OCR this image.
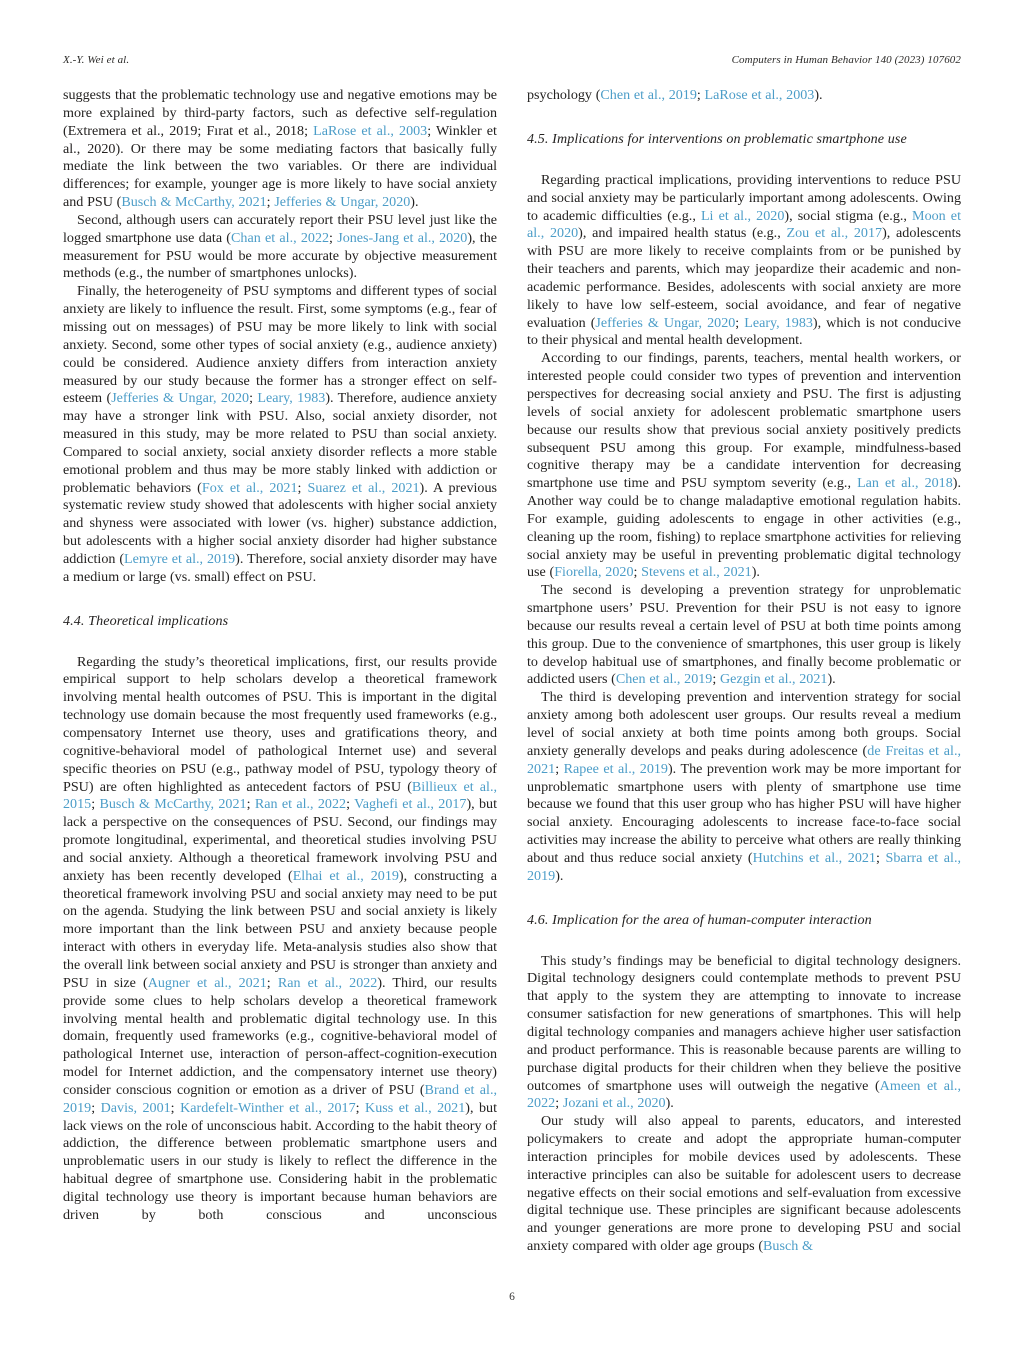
X.-Y. Wei et al.	Computers in Human Behavior 140 (2023) 107602

suggests that the problematic technology use and negative emotions may be more explained by third-party factors, such as defective self-regulation (Extremera et al., 2019; Fırat et al., 2018; LaRose et al., 2003; Winkler et al., 2020). Or there may be some mediating factors that basically fully mediate the link between the two variables. Or there are individual differences; for example, younger age is more likely to have social anxiety and PSU (Busch & McCarthy, 2021; Jefferies & Ungar, 2020).

Second, although users can accurately report their PSU level just like the logged smartphone use data (Chan et al., 2022; Jones-Jang et al., 2020), the measurement for PSU would be more accurate by objective measurement methods (e.g., the number of smartphones unlocks).

Finally, the heterogeneity of PSU symptoms and different types of social anxiety are likely to influence the result. First, some symptoms (e.g., fear of missing out on messages) of PSU may be more likely to link with social anxiety. Second, some other types of social anxiety (e.g., audience anxiety) could be considered. Audience anxiety differs from interaction anxiety measured by our study because the former has a stronger effect on self-esteem (Jefferies & Ungar, 2020; Leary, 1983). Therefore, audience anxiety may have a stronger link with PSU. Also, social anxiety disorder, not measured in this study, may be more related to PSU than social anxiety. Compared to social anxiety, social anxiety disorder reflects a more stable emotional problem and thus may be more stably linked with addiction or problematic behaviors (Fox et al., 2021; Suarez et al., 2021). A previous systematic review study showed that adolescents with higher social anxiety and shyness were associated with lower (vs. higher) substance addiction, but adolescents with a higher social anxiety disorder had higher substance addiction (Lemyre et al., 2019). Therefore, social anxiety disorder may have a medium or large (vs. small) effect on PSU.

4.4. Theoretical implications

Regarding the study’s theoretical implications, first, our results provide empirical support to help scholars develop a theoretical framework involving mental health outcomes of PSU. This is important in the digital technology use domain because the most frequently used frameworks (e.g., compensatory Internet use theory, uses and gratifications theory, and cognitive-behavioral model of pathological Internet use) and several specific theories on PSU (e.g., pathway model of PSU, typology theory of PSU) are often highlighted as antecedent factors of PSU (Billieux et al., 2015; Busch & McCarthy, 2021; Ran et al., 2022; Vaghefi et al., 2017), but lack a perspective on the consequences of PSU. Second, our findings may promote longitudinal, experimental, and theoretical studies involving PSU and social anxiety. Although a theoretical framework involving PSU and anxiety has been recently developed (Elhai et al., 2019), constructing a theoretical framework involving PSU and social anxiety may need to be put on the agenda. Studying the link between PSU and social anxiety is likely more important than the link between PSU and anxiety because people interact with others in everyday life. Meta-analysis studies also show that the overall link between social anxiety and PSU is stronger than anxiety and PSU in size (Augner et al., 2021; Ran et al., 2022). Third, our results provide some clues to help scholars develop a theoretical framework involving mental health and problematic digital technology use. In this domain, frequently used frameworks (e.g., cognitive-behavioral model of pathological Internet use, interaction of person-affect-cognition-execution model for Internet addiction, and the compensatory internet use theory) consider conscious cognition or emotion as a driver of PSU (Brand et al., 2019; Davis, 2001; Kardefelt-Winther et al., 2017; Kuss et al., 2021), but lack views on the role of unconscious habit. According to the habit theory of addiction, the difference between problematic smartphone users and unproblematic users in our study is likely to reflect the difference in the habitual degree of smartphone use. Considering habit in the problematic digital technology use theory is important because human behaviors are driven by both conscious and unconscious

psychology (Chen et al., 2019; LaRose et al., 2003).

4.5. Implications for interventions on problematic smartphone use

Regarding practical implications, providing interventions to reduce PSU and social anxiety may be particularly important among adolescents. Owing to academic difficulties (e.g., Li et al., 2020), social stigma (e.g., Moon et al., 2020), and impaired health status (e.g., Zou et al., 2017), adolescents with PSU are more likely to receive complaints from or be punished by their teachers and parents, which may jeopardize their academic and non-academic performance. Besides, adolescents with social anxiety are more likely to have low self-esteem, social avoidance, and fear of negative evaluation (Jefferies & Ungar, 2020; Leary, 1983), which is not conducive to their physical and mental health development.

According to our findings, parents, teachers, mental health workers, or interested people could consider two types of prevention and intervention perspectives for decreasing social anxiety and PSU. The first is adjusting levels of social anxiety for adolescent problematic smartphone users because our results show that previous social anxiety positively predicts subsequent PSU among this group. For example, mindfulness-based cognitive therapy may be a candidate intervention for decreasing smartphone use time and PSU symptom severity (e.g., Lan et al., 2018). Another way could be to change maladaptive emotional regulation habits. For example, guiding adolescents to engage in other activities (e.g., cleaning up the room, fishing) to replace smartphone activities for relieving social anxiety may be useful in preventing problematic digital technology use (Fiorella, 2020; Stevens et al., 2021).

The second is developing a prevention strategy for unproblematic smartphone users’ PSU. Prevention for their PSU is not easy to ignore because our results reveal a certain level of PSU at both time points among this group. Due to the convenience of smartphones, this user group is likely to develop habitual use of smartphones, and finally become problematic or addicted users (Chen et al., 2019; Gezgin et al., 2021).

The third is developing prevention and intervention strategy for social anxiety among both adolescent user groups. Our results reveal a medium level of social anxiety at both time points among both groups. Social anxiety generally develops and peaks during adolescence (de Freitas et al., 2021; Rapee et al., 2019). The prevention work may be more important for unproblematic smartphone users with plenty of smartphone use time because we found that this user group who has higher PSU will have higher social anxiety. Encouraging adolescents to increase face-to-face social activities may increase the ability to perceive what others are really thinking about and thus reduce social anxiety (Hutchins et al., 2021; Sbarra et al., 2019).

4.6. Implication for the area of human-computer interaction

This study’s findings may be beneficial to digital technology designers. Digital technology designers could contemplate methods to prevent PSU that apply to the system they are attempting to innovate to increase consumer satisfaction for new generations of smartphones. This will help digital technology companies and managers achieve higher user satisfaction and product performance. This is reasonable because parents are willing to purchase digital products for their children when they believe the positive outcomes of smartphone uses will outweigh the negative (Ameen et al., 2022; Jozani et al., 2020).

Our study will also appeal to parents, educators, and interested policymakers to create and adopt the appropriate human-computer interaction principles for mobile devices used by adolescents. These interactive principles can also be suitable for adolescent users to decrease negative effects on their social emotions and self-evaluation from excessive digital technique use. These principles are significant because adolescents and younger generations are more prone to developing PSU and social anxiety compared with older age groups (Busch &

6
